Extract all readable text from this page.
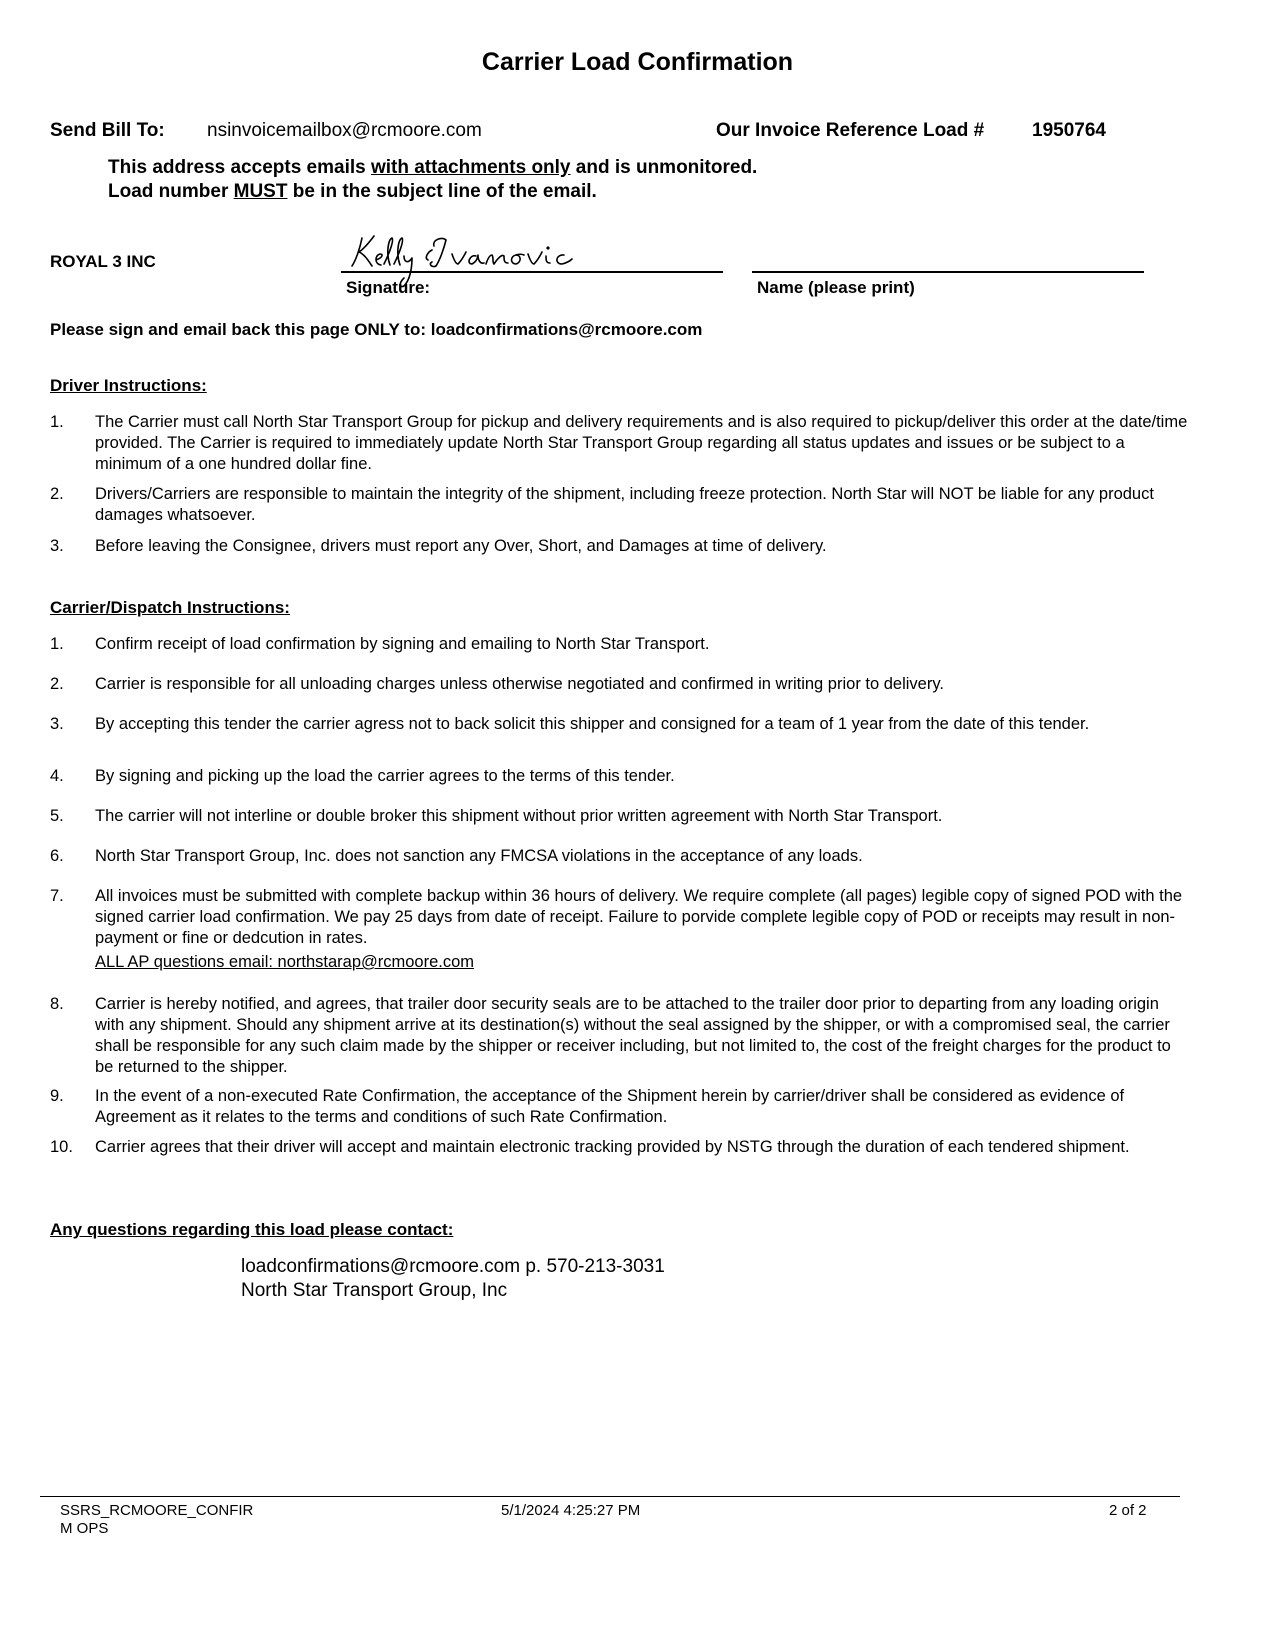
Carrier Load Confirmation
Send Bill To: nsinvoicemailbox@rcmoore.com	Our Invoice Reference Load #	1950764
This address accepts emails with attachments only and is unmonitored.
Load number MUST be in the subject line of the email.
ROYAL 3 INC
Signature:	Name (please print)
Please sign and email back this page ONLY to: loadconfirmations@rcmoore.com
Driver Instructions:
1. The Carrier must call North Star Transport Group for pickup and delivery requirements and is also required to pickup/deliver this order at the date/time provided. The Carrier is required to immediately update North Star Transport Group regarding all status updates and issues or be subject to a minimum of a one hundred dollar fine.
2. Drivers/Carriers are responsible to maintain the integrity of the shipment, including freeze protection. North Star will NOT be liable for any product damages whatsoever.
3. Before leaving the Consignee, drivers must report any Over, Short, and Damages at time of delivery.
Carrier/Dispatch Instructions:
1. Confirm receipt of load confirmation by signing and emailing to North Star Transport.
2. Carrier is responsible for all unloading charges unless otherwise negotiated and confirmed in writing prior to delivery.
3. By accepting this tender the carrier agress not to back solicit this shipper and consigned for a team of 1 year from the date of this tender.
4. By signing and picking up the load the carrier agrees to the terms of this tender.
5. The carrier will not interline or double broker this shipment without prior written agreement with North Star Transport.
6. North Star Transport Group, Inc. does not sanction any FMCSA violations in the acceptance of any loads.
7. All invoices must be submitted with complete backup within 36 hours of delivery. We require complete (all pages) legible copy of signed POD with the signed carrier load confirmation. We pay 25 days from date of receipt. Failure to porvide complete legible copy of POD or receipts may result in non-payment or fine or dedcution in rates.
ALL AP questions email: northstarap@rcmoore.com
8. Carrier is hereby notified, and agrees, that trailer door security seals are to be attached to the trailer door prior to departing from any loading origin with any shipment. Should any shipment arrive at its destination(s) without the seal assigned by the shipper, or with a compromised seal, the carrier shall be responsible for any such claim made by the shipper or receiver including, but not limited to, the cost of the freight charges for the product to be returned to the shipper.
9. In the event of a non-executed Rate Confirmation, the acceptance of the Shipment herein by carrier/driver shall be considered as evidence of Agreement as it relates to the terms and conditions of such Rate Confirmation.
10. Carrier agrees that their driver will accept and maintain electronic tracking provided by NSTG through the duration of each tendered shipment.
Any questions regarding this load please contact:
loadconfirmations@rcmoore.com p. 570-213-3031
North Star Transport Group, Inc
SSRS_RCMOORE_CONFIR
M OPS
5/1/2024 4:25:27 PM	2 of 2
